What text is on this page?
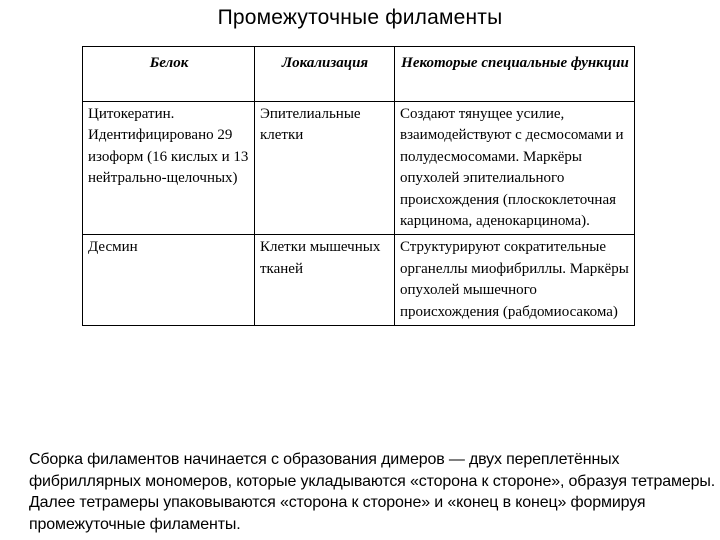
Промежуточные филаменты
Белок	Локализация	Некоторые специальные функции
Цитокератин. Идентифицировано 29 изоформ (16 кислых и 13 нейтрально-щелочных)	Эпителиальные клетки	Создают тянущее усилие, взаимодействуют с десмосомами и полудесмосомами. Маркёры опухолей эпителиального происхождения (плоскоклеточная карцинома, аденокарцинома).
Десмин	Клетки мышечных тканей	Структурируют сократительные органеллы миофибриллы. Маркёры опухолей мышечного происхождения (рабдомиосакома)
Сборка филаментов начинается с образования димеров — двух переплетённых фибриллярных мономеров, которые укладываются «сторона к стороне», образуя тетрамеры. Далее тетрамеры упаковываются «сторона к стороне» и «конец в конец» формируя промежуточные филаменты.
